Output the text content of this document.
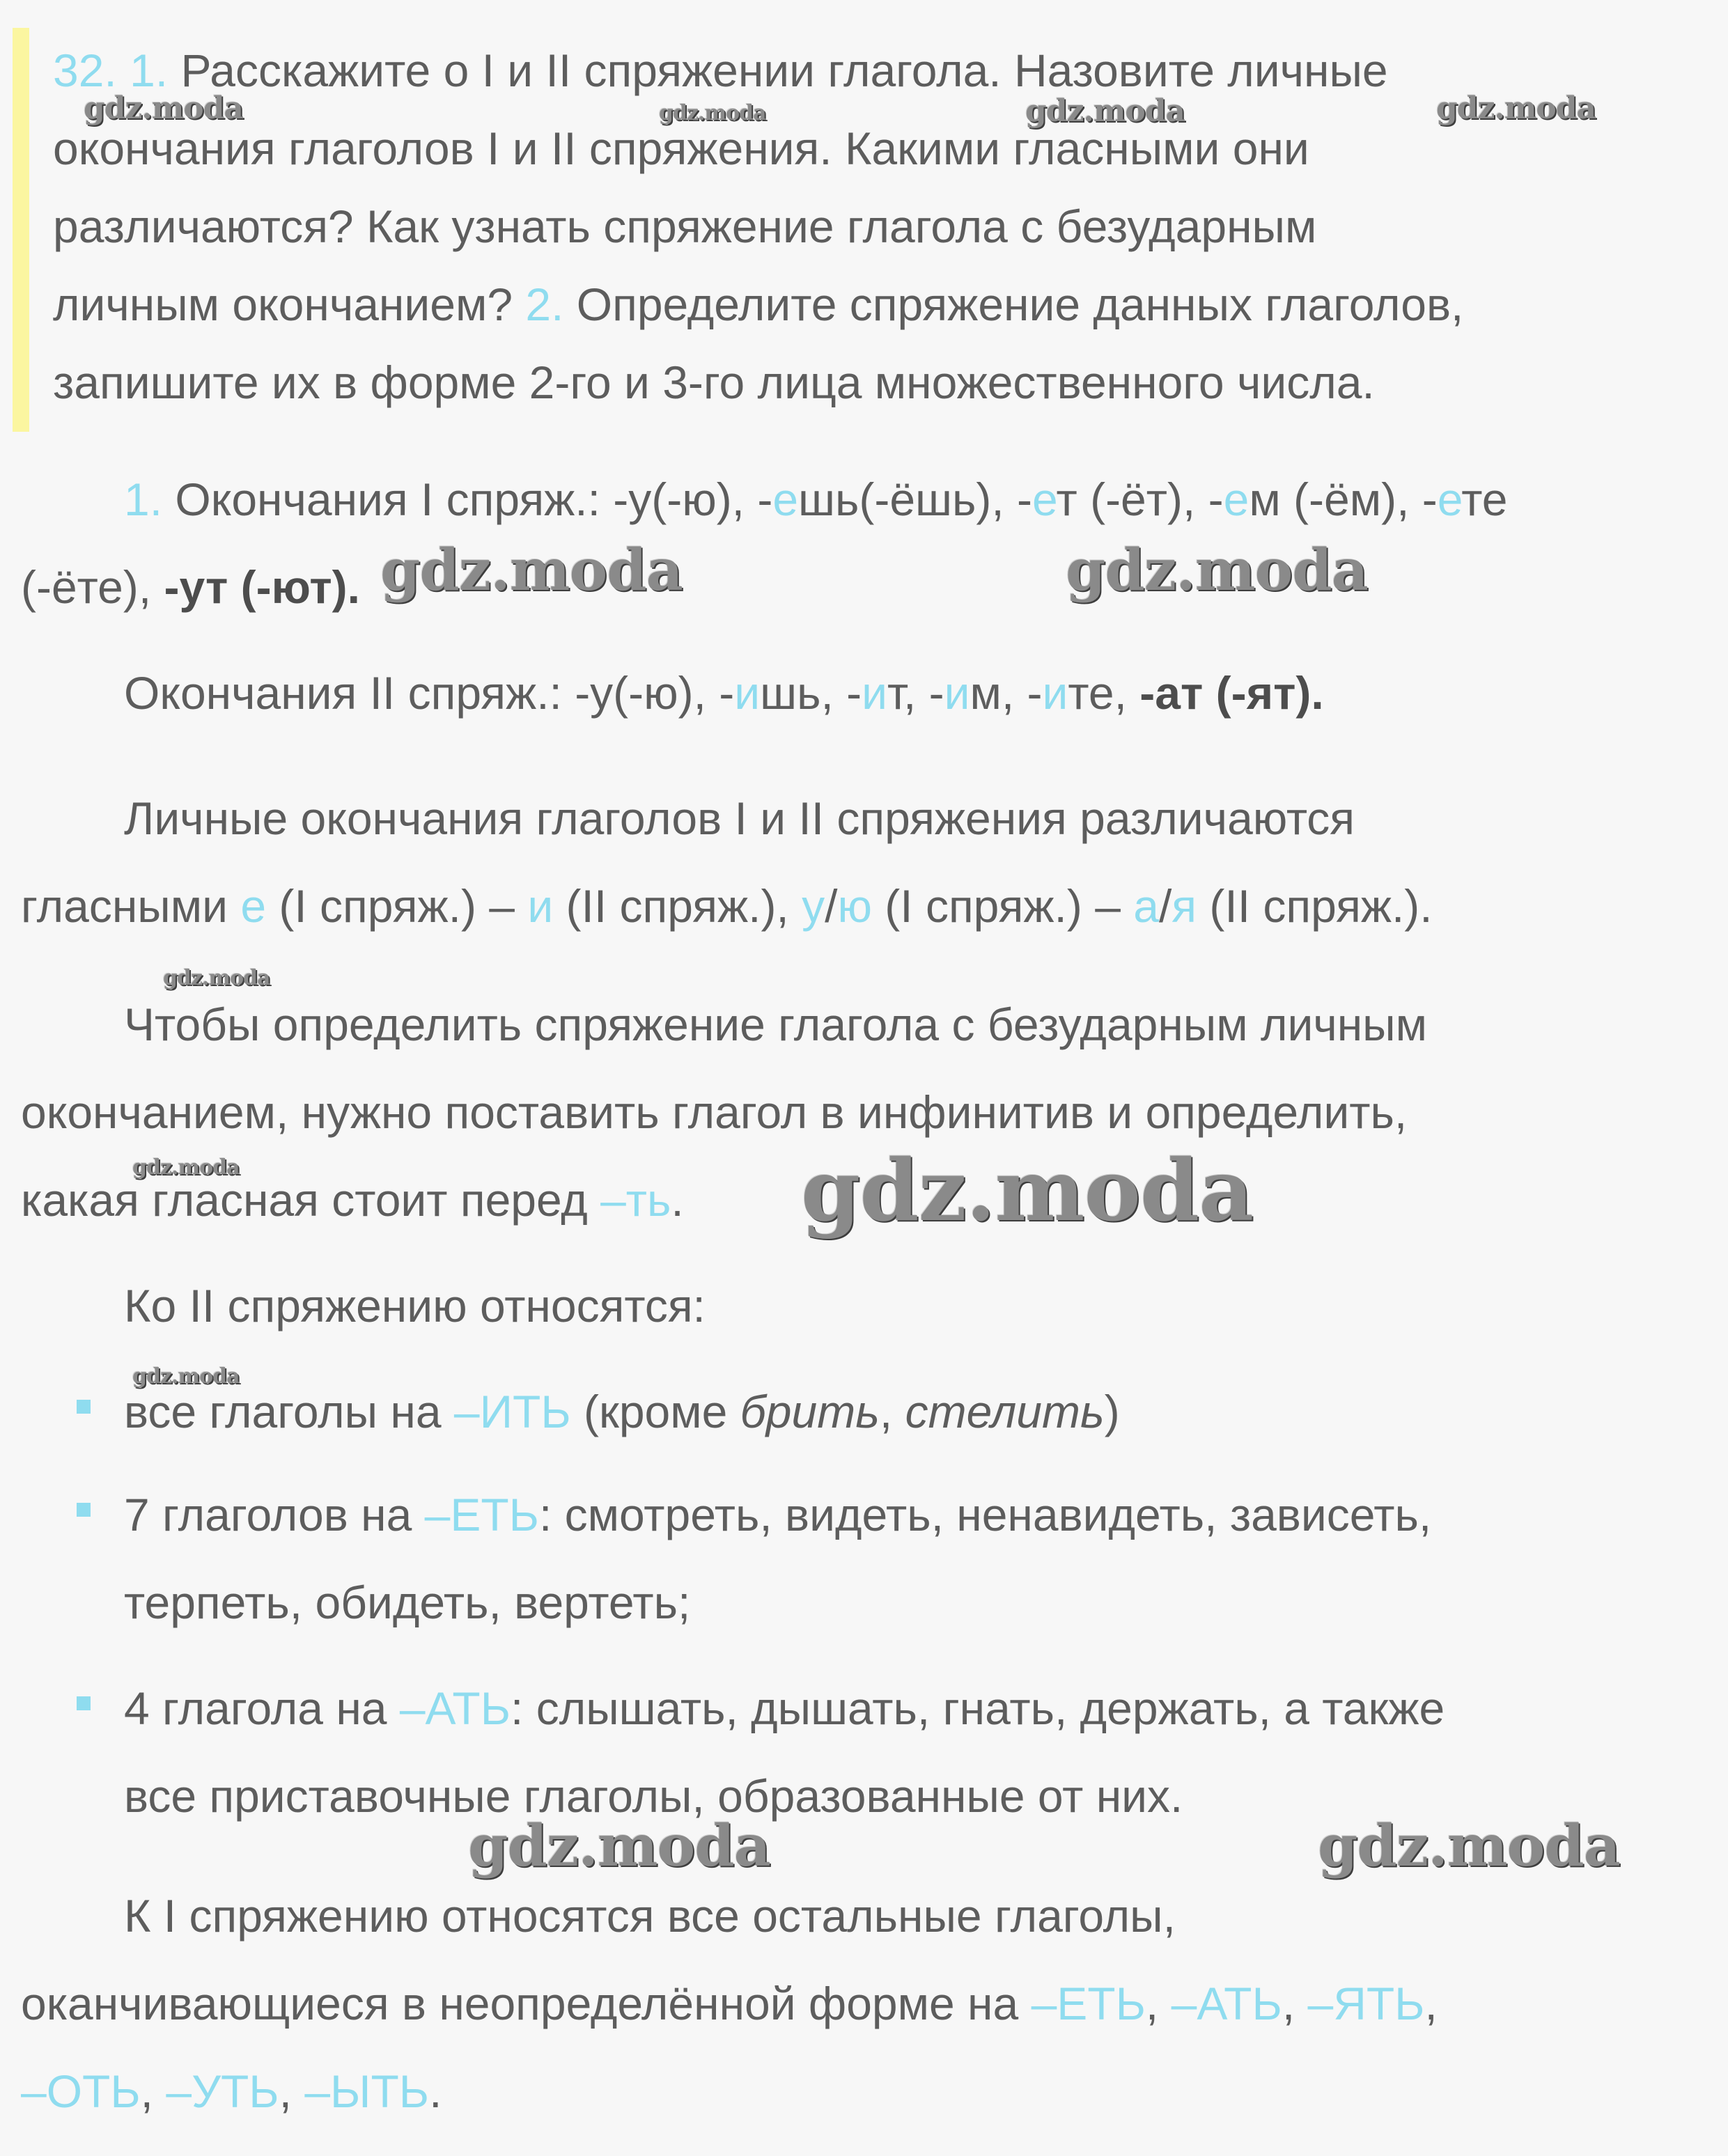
32. 1. Расскажите о I и II спряжении глагола. Назовите личные
окончания глаголов I и II спряжения. Какими гласными они
различаются? Как узнать спряжение глагола с безударным
личным окончанием? 2. Определите спряжение данных глаголов,
запишите их в форме 2-го и 3-го лица множественного числа.
1. Окончания I спряж.: -у(-ю), -ешь(-ёшь), -ет (-ёт), -ем (-ём), -ете
(-ёте), -ут (-ют).
Окончания II спряж.: -у(-ю), -ишь, -ит, -им, -ите, -ат (-ят).
Личные окончания глаголов I и II спряжения различаются
гласными е (I спряж.) – и (II спряж.), у/ю (I спряж.) – а/я (II спряж.).
Чтобы определить спряжение глагола с безударным личным
окончанием, нужно поставить глагол в инфинитив и определить,
какая гласная стоит перед –ть.
Ко II спряжению относятся:
все глаголы на –ИТЬ (кроме брить, стелить)
7 глаголов на –ЕТЬ: смотреть, видеть, ненавидеть, зависеть,
терпеть, обидеть, вертеть;
4 глагола на –АТЬ: слышать, дышать, гнать, держать, а также
все приставочные глаголы, образованные от них.
К I спряжению относятся все остальные глаголы,
оканчивающиеся в неопределённой форме на –ЕТЬ, –АТЬ, –ЯТЬ,
–ОТЬ, –УТЬ, –ЫТЬ.
gdz.moda	gdz.moda	gdz.moda	gdz.moda
gdz.moda	gdz.moda
gdz.moda
gdz.moda	gdz.moda
gdz.moda
gdz.moda	gdz.moda
